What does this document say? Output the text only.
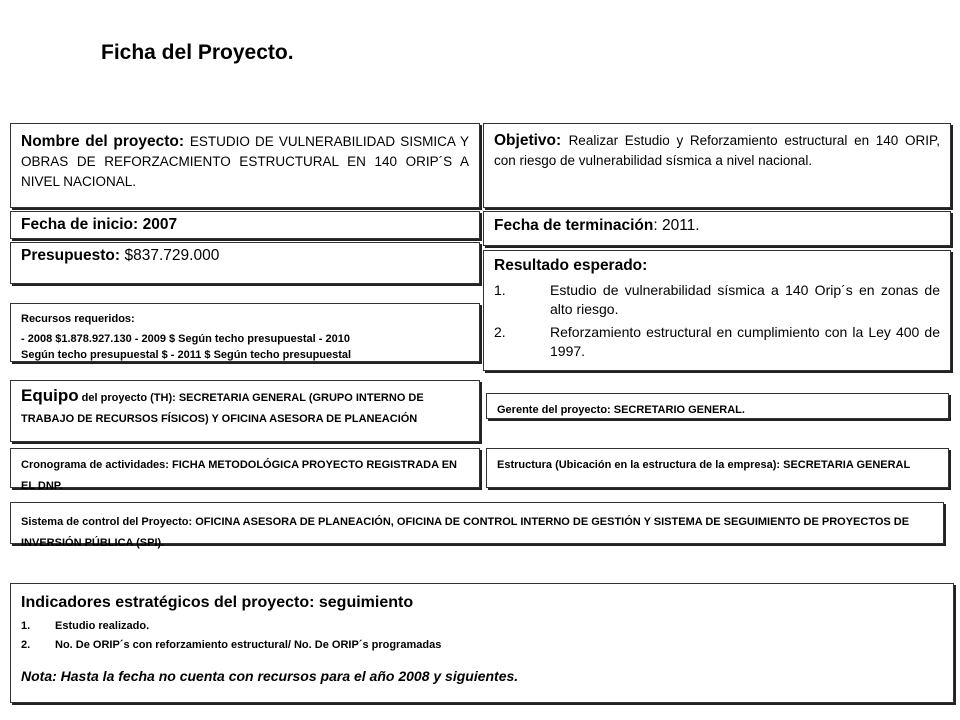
Ficha del Proyecto.
Nombre del proyecto: ESTUDIO DE VULNERABILIDAD SISMICA Y OBRAS DE REFORZACMIENTO ESTRUCTURAL EN 140 ORIP´S A NIVEL NACIONAL.
Objetivo: Realizar Estudio y Reforzamiento estructural en 140 ORIP, con riesgo de vulnerabilidad sísmica a nivel nacional.
Fecha de inicio: 2007	Fecha de terminación: 2011.
Presupuesto: $837.729.000
Resultado esperado:
1.	Estudio de vulnerabilidad sísmica a 140 Orip´s en zonas de alto riesgo.
2.	Reforzamiento estructural en cumplimiento con la Ley 400 de 1997.
Recursos requeridos:
- 2008 $1.878.927.130 - 2009 $ Según techo presupuestal - 2010
Según techo presupuestal $ - 2011 $ Según techo presupuestal
Equipo del proyecto (TH): SECRETARIA GENERAL (GRUPO INTERNO DE TRABAJO DE RECURSOS FÍSICOS) Y OFICINA ASESORA DE PLANEACIÓN
Gerente del proyecto: SECRETARIO GENERAL.
Cronograma de actividades: FICHA METODOLÓGICA PROYECTO REGISTRADA EN EL DNP.
Estructura (Ubicación en la estructura de la empresa): SECRETARIA GENERAL
Sistema de control del Proyecto: OFICINA ASESORA DE PLANEACIÓN, OFICINA DE CONTROL INTERNO DE GESTIÓN Y SISTEMA DE SEGUIMIENTO DE PROYECTOS DE INVERSIÓN PÚBLICA (SPI).
Indicadores estratégicos del proyecto: seguimiento
1.	Estudio realizado.
2.	No. De ORIP´s con reforzamiento estructural/ No. De ORIP´s programadas
Nota: Hasta la fecha no cuenta con recursos para el año 2008 y siguientes.
